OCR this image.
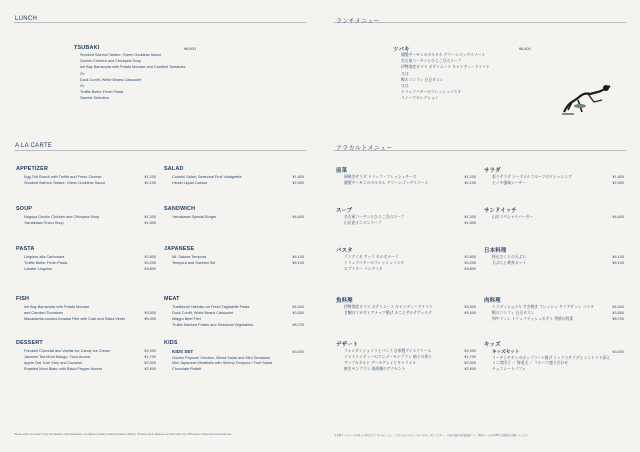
LUNCH
TSUBAKI	¥6,600
Smoked Salmon Tartare, Green Goddess Sauce
Gochin Chicken and Chickpea Soup
Ise Bay Barracuda with Potato Mousse and Candied Tomatoes
Or
Duck Confit, White Beans Cassoulet
Or
Truffle Butter Fresh Pasta
Sweets Selection
A LA CARTE
APPETIZER
Egg Toft Ranch with Truffle and Fresh Cheese	¥1,200
Smoked Salmon Tartare, Green Goddess Sauce	¥2,100
SOUP
Nagoya Gochin Chicken and Chickpea Soup	¥1,300
Yamakawa Onion Soup	¥1,600
PASTA
Linguine alla Carbonara	¥2,800
Truffle Butter Fresh Pasta	¥3,200
Lobster Linguine	¥3,800
FISH
Ise Bay Barracuda with Potato Mousse
and Candied Tomatoes	¥3,500
Macadamia-crusted Amadai Filet with Crab and Salsa Verde	¥5,400
DESSERT
Fondant Chocolat and Vanilla Ice Candy Ice Cream	¥2,000
Jasmine Tea Mont Mango, Yuzu Aroma	¥1,700
Apple Tart, Earl Grey and Caramel	¥2,000
Roasted Mont Blanc with Black Pepper Accent	¥2,500
SALAD
Colorful Salad, Seasonal Fruit Vinaigrette	¥1,800
Hinoki Liquid Caesar	¥2,500
SANDWICH
Yamakawa Special Burger	¥4,600
JAPANESE
Mt. Sakura Tempura	¥4,100
Tempura and Sashimi Set	¥6,100
MEAT
Traditional Yakiniku on Fresh Tagliatelle Pasta	¥4,000
Duck Confit, White Beans Cassoulet	¥3,500
Wagyu Beef Filet
Truffle Mashed Potato and Seasonal Vegetables	¥8,700
KIDS
KIDS SET	¥3,000
Gochin Popcorn Chicken, Mixed Salad and Mini Tomatoes
Mini Japanese Meatballs with Shrimp Tempura / Fruit Salad
Chocolate Parfait
*Please inform our server of any food allergies, food intolerances, or religious or dietary restrictions before ordering. *All prices are in Japanese yen and subject to a 15% service charge and consumption tax.
ランチメニュー
ツバキ	¥6,600
燻製サーモンのタルタル グリーンゴッデスソース
名古屋コーチンとひよこ豆のスープ
伊勢湾産カマス ポテトムース キャンディードトマト
又は
鴨のコンフィ 白豆カスレ
又は
トリュフバターのフレッシュパスタ
スイーツセレクション
アラカルトメニュー
前菜
卵焼きサラダ トリュフ・フレッシュチーズ	¥1,200
燻製サーモンのタルタル グリーンゴッデスソース	¥2,100
スープ
名古屋コーチンとひよこ豆のスープ	¥1,300
山川産オニオンスープ	¥1,600
パスタ
リングイネ アッラ カルボナーラ	¥2,800
トリュフバターのフレッシュパスタ	¥3,200
ロブスター リングイネ	¥3,800
魚料理
伊勢湾産カマス ポテトムース キャンディードトマト	¥3,500
甘鯛のマカダミアナッツ揚げ カニとサルサヴェルデ	¥5,400
デザート
フォンダンショコラとバニラ 自家製アイスクリーム	¥2,000
ジャスミンティーのマンゴーモンブラン 柚子の香り	¥1,700
アップルタルト アールグレイとキャラメル	¥2,000
焼きモンブラン 黒胡椒のアクセント	¥2,500
サラダ
彩りサラダ シーズナルフルーツのドレッシング	¥1,800
ヒノキ風味シーザー	¥2,500
サンドイッチ
山川スペシャルバーガー	¥4,600
日本料理
桜山さくらの天ぷら	¥4,100
天ぷらと刺身セット	¥6,100
肉料理
トラディショナル すき焼き フレッシュ タリアテッレ パスタ	¥4,000
鴨のコンフィ 白豆カスレ	¥3,500
和牛フィレ トリュフマッシュポテト 季節の野菜	¥8,700
キッズ
キッズセット	¥3,000
コーチンチキンのポップコーン揚げ ミックスサラダとミニトマト添え
ミニ肉団子 ／ 海老天 ／ フルーツ盛り合わせ
チョコレートパフェ
※食物アレルギーや宗教上の理由等がございましたら、ご注文の前にスタッフまでお申し付けください。 ※表示価格は税抜価格です。別途サービス料15%と消費税を頂戴いたします。
